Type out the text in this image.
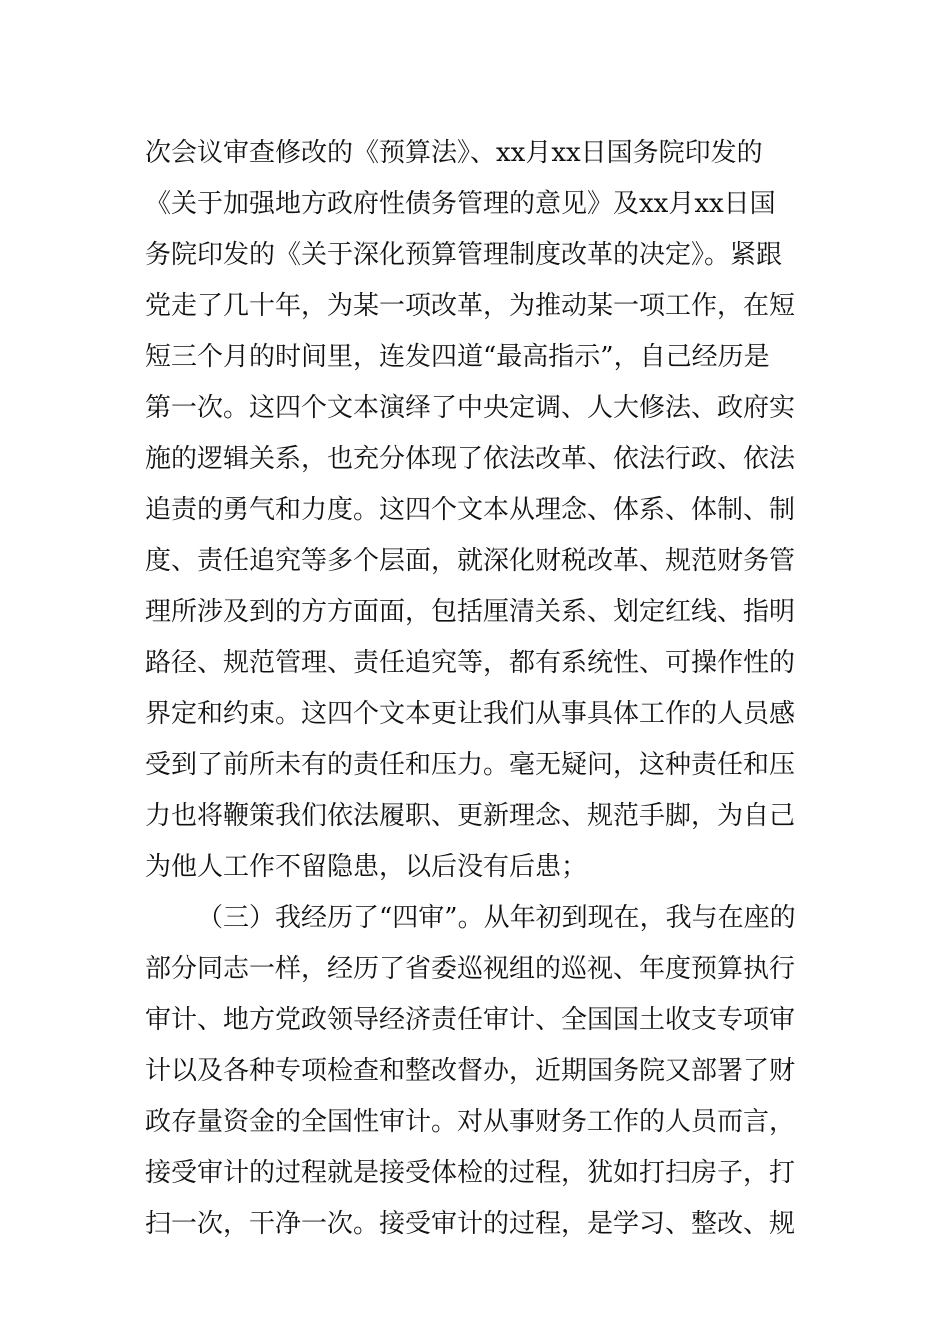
次会议审查修改的《预算法》、xx月xx日国务院印发的
《关于加强地方政府性债务管理的意见》及xx月xx日国
务院印发的《关于深化预算管理制度改革的决定》。紧跟
党走了几十年，为某一项改革，为推动某一项工作，在短
短三个月的时间里，连发四道“最高指示”，自己经历是
第一次。这四个文本演绎了中央定调、人大修法、政府实
施的逻辑关系，也充分体现了依法改革、依法行政、依法
追责的勇气和力度。这四个文本从理念、体系、体制、制
度、责任追究等多个层面，就深化财税改革、规范财务管
理所涉及到的方方面面，包括厘清关系、划定红线、指明
路径、规范管理、责任追究等，都有系统性、可操作性的
界定和约束。这四个文本更让我们从事具体工作的人员感
受到了前所未有的责任和压力。毫无疑问，这种责任和压
力也将鞭策我们依法履职、更新理念、规范手脚，为自己
为他人工作不留隐患，以后没有后患；
（三）我经历了“四审”。从年初到现在，我与在座的
部分同志一样，经历了省委巡视组的巡视、年度预算执行
审计、地方党政领导经济责任审计、全国国土收支专项审
计以及各种专项检查和整改督办，近期国务院又部署了财
政存量资金的全国性审计。对从事财务工作的人员而言，
接受审计的过程就是接受体检的过程，犹如打扫房子，打
扫一次，干净一次。接受审计的过程，是学习、整改、规
